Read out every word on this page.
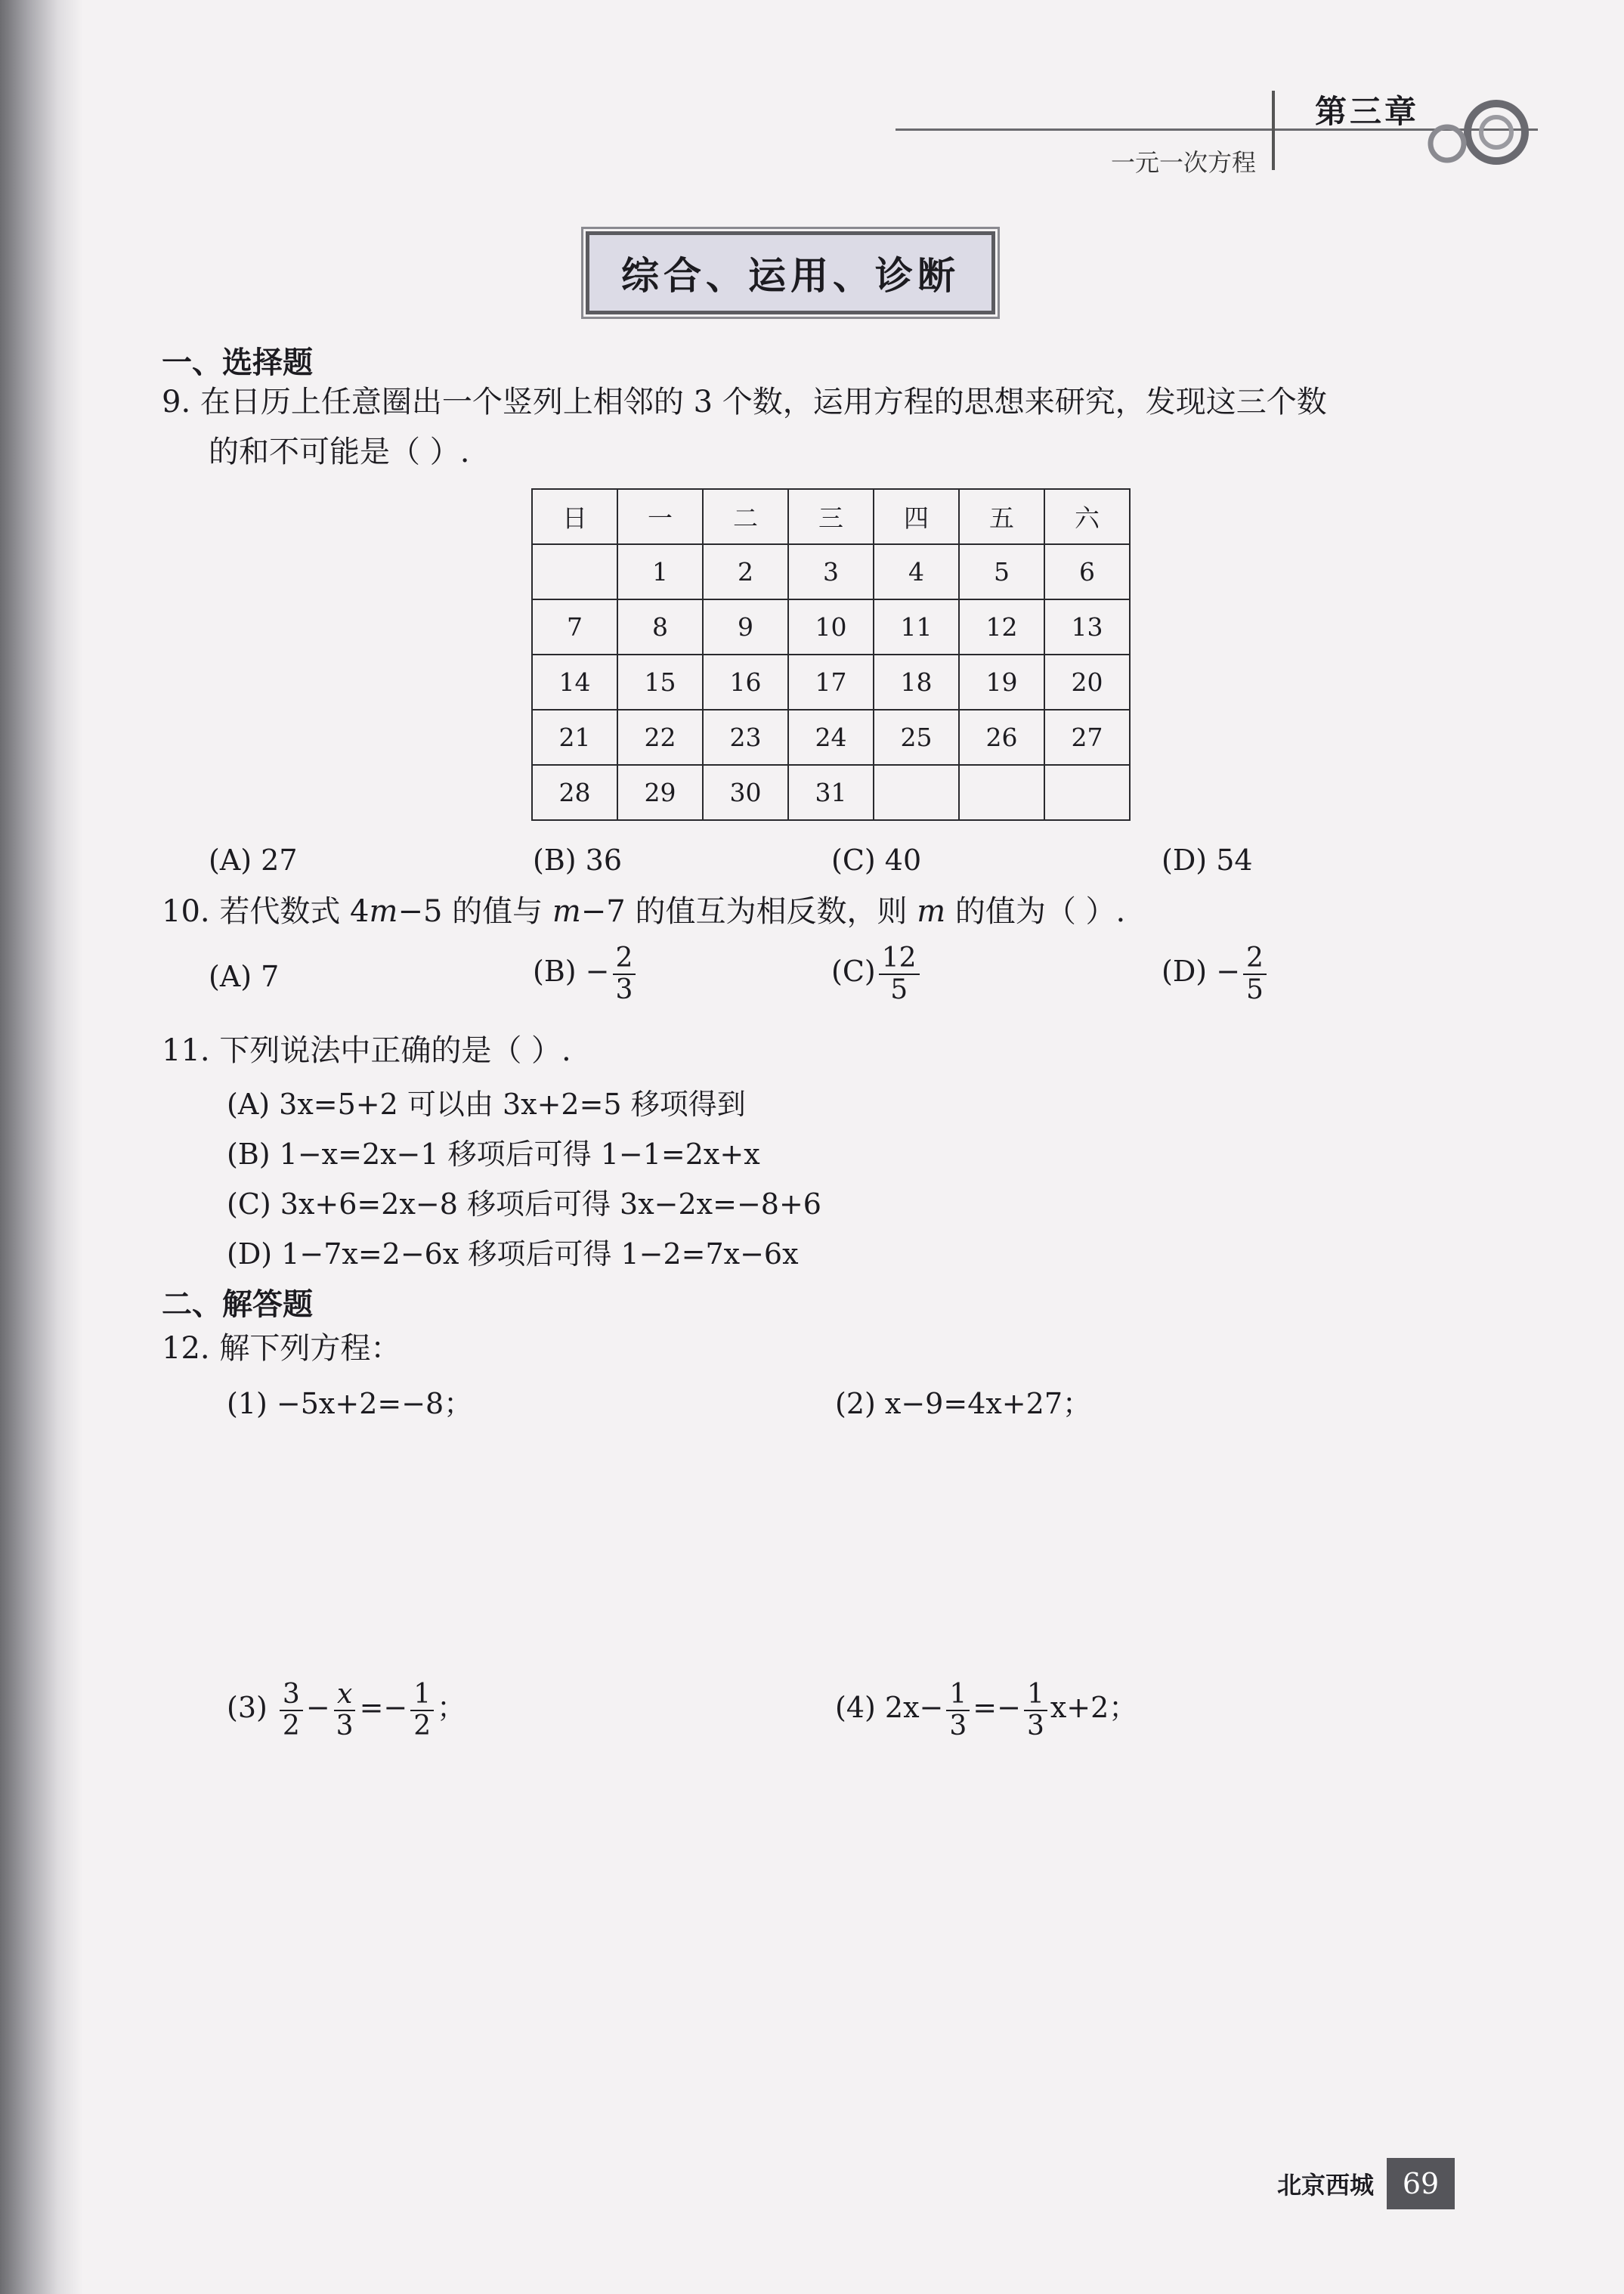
第三章
一元一次方程
综合、运用、诊断
一、选择题
9. 在日历上任意圈出一个竖列上相邻的 3 个数，运用方程的思想来研究，发现这三个数
的和不可能是（ ）.
日	一	二	三	四	五	六
	1	2	3	4	5	6
7	8	9	10	11	12	13
14	15	16	17	18	19	20
21	22	23	24	25	26	27
28	29	30	31			
(A) 27	(B) 36	(C) 40	(D) 54
10. 若代数式 4m−5 的值与 m−7 的值互为相反数，则 m 的值为（ ）.
(A) 7	$(B) - \frac{2}{3}$	$(C) \frac{12}{5}$	$(D) - \frac{2}{5}$
11. 下列说法中正确的是（ ）.
(A) 3x=5+2 可以由 3x+2=5 移项得到
(B) 1−x=2x−1 移项后可得 1−1=2x+x
(C) 3x+6=2x−8 移项后可得 3x−2x=−8+6
(D) 1−7x=2−6x 移项后可得 1−2=7x−6x
二、解答题
12. 解下列方程：
(1) −5x+2=−8；	(2) x−9=4x+27；
$(3) \frac{3}{2} - \frac{x}{3} =- \frac{1}{2}$ ；	(4) $2x- \frac{1}{3} =- \frac{1}{3} x+2$；
北京西城 69
